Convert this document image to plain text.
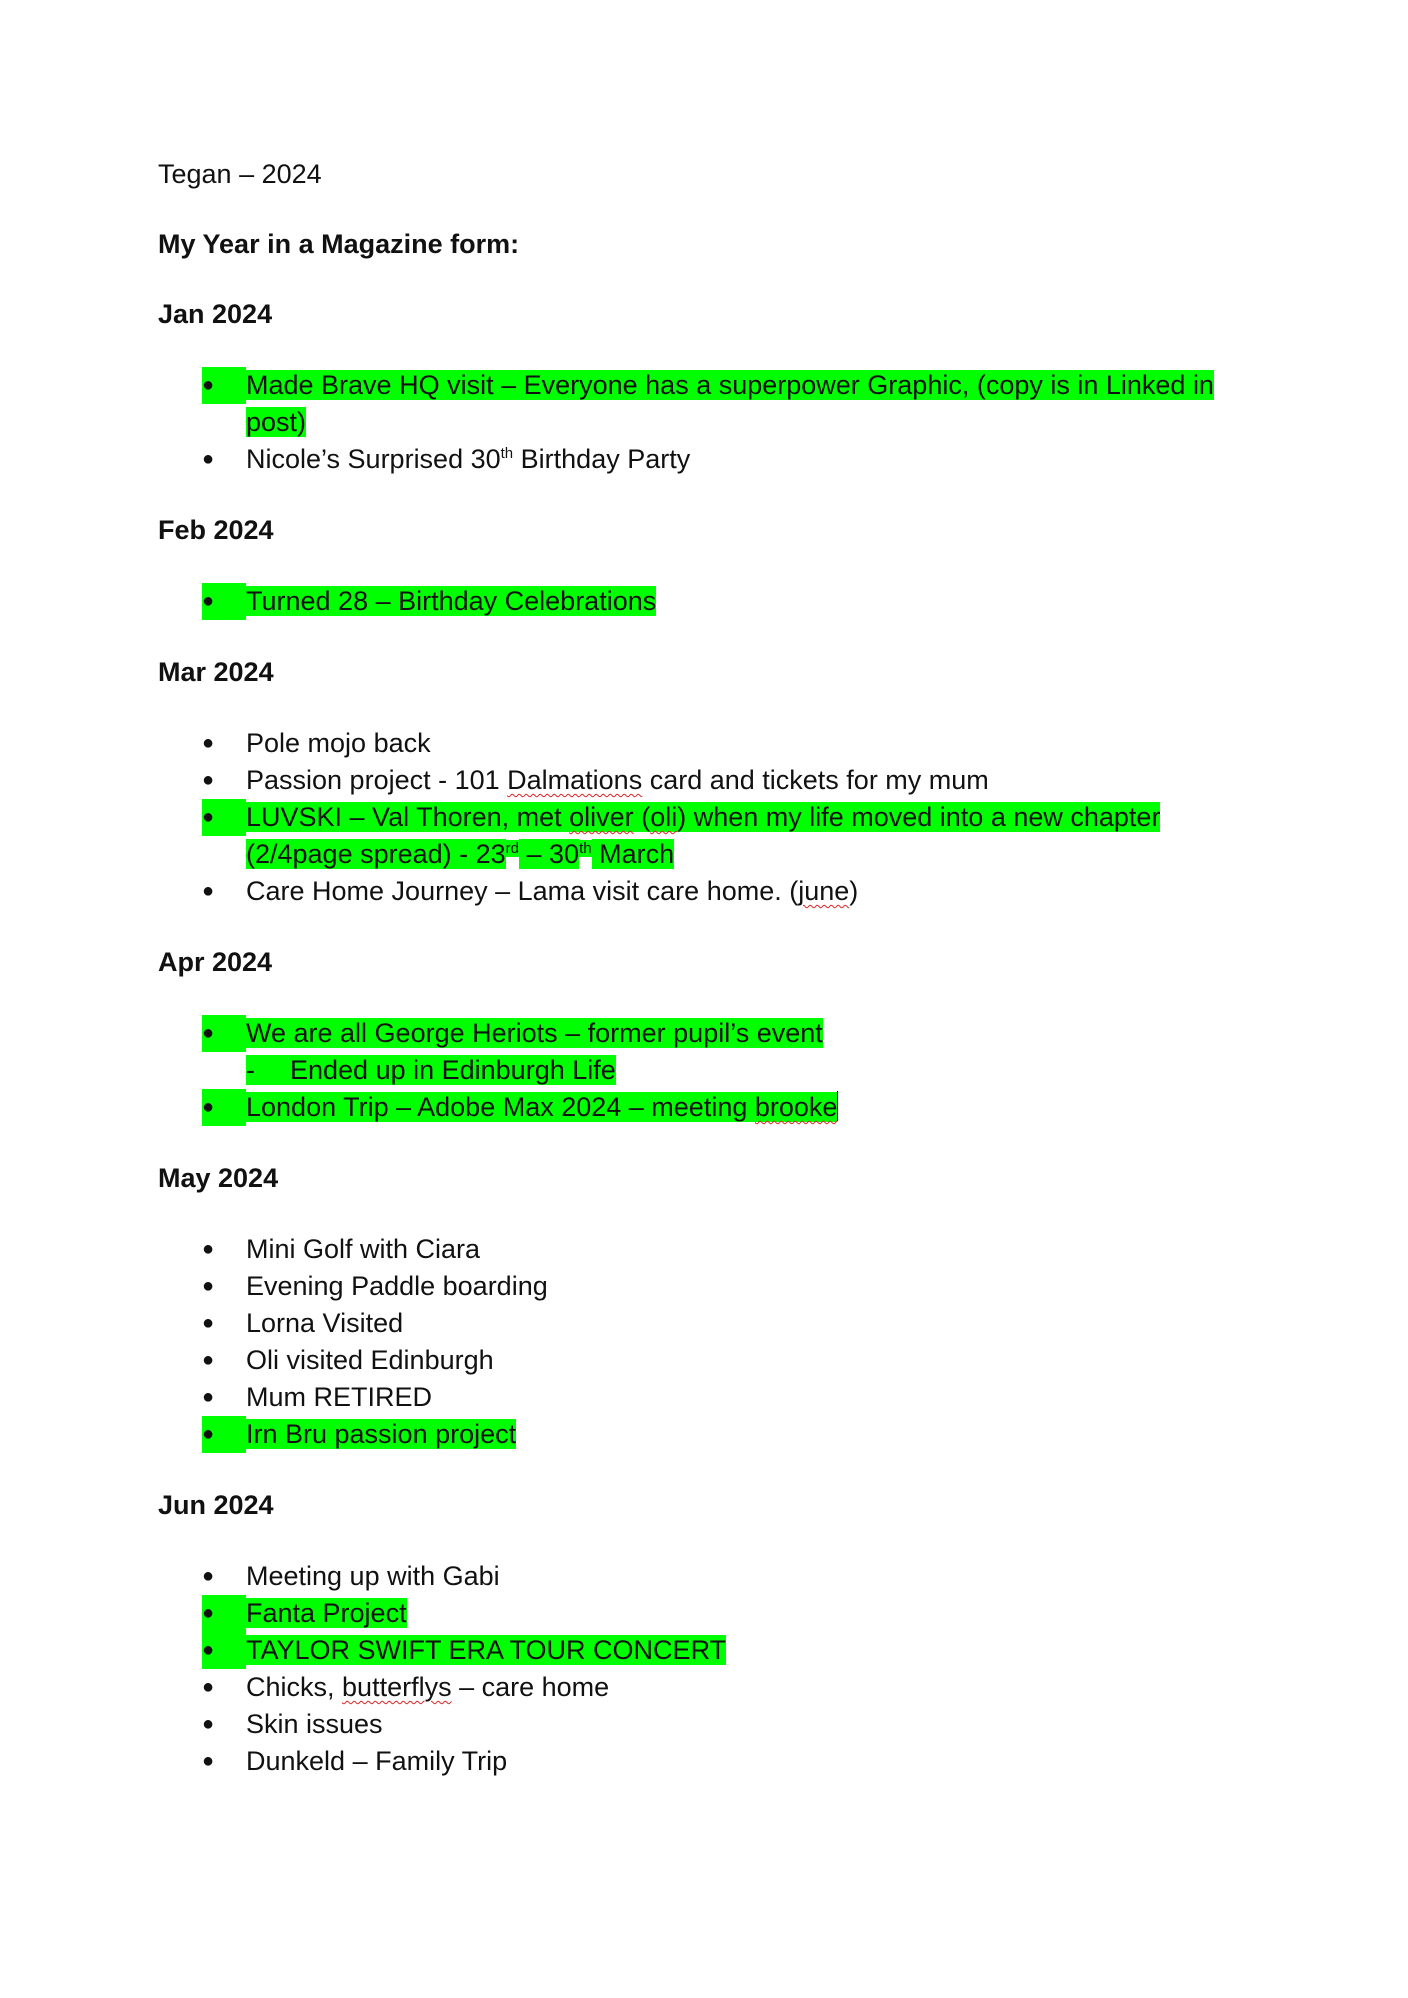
Tegan – 2024

My Year in a Magazine form:

Jan 2024

●	Made Brave HQ visit – Everyone has a superpower Graphic, (copy is in Linked in post)
●	Nicole’s Surprised 30th Birthday Party

Feb 2024

●	Turned 28 – Birthday Celebrations

Mar 2024

●	Pole mojo back
●	Passion project - 101 Dalmations card and tickets for my mum
●	LUVSKI – Val Thoren, met oliver (oli) when my life moved into a new chapter (2/4page spread) - 23rd – 30th March
●	Care Home Journey – Lama visit care home. (june)

Apr 2024

●	We are all George Heriots – former pupil’s event
- Ended up in Edinburgh Life
●	London Trip – Adobe Max 2024 – meeting brooke

May 2024

●	Mini Golf with Ciara
●	Evening Paddle boarding
●	Lorna Visited
●	Oli visited Edinburgh
●	Mum RETIRED
●	Irn Bru passion project

Jun 2024

●	Meeting up with Gabi
●	Fanta Project
●	TAYLOR SWIFT ERA TOUR CONCERT
●	Chicks, butterflys – care home
●	Skin issues
●	Dunkeld – Family Trip
